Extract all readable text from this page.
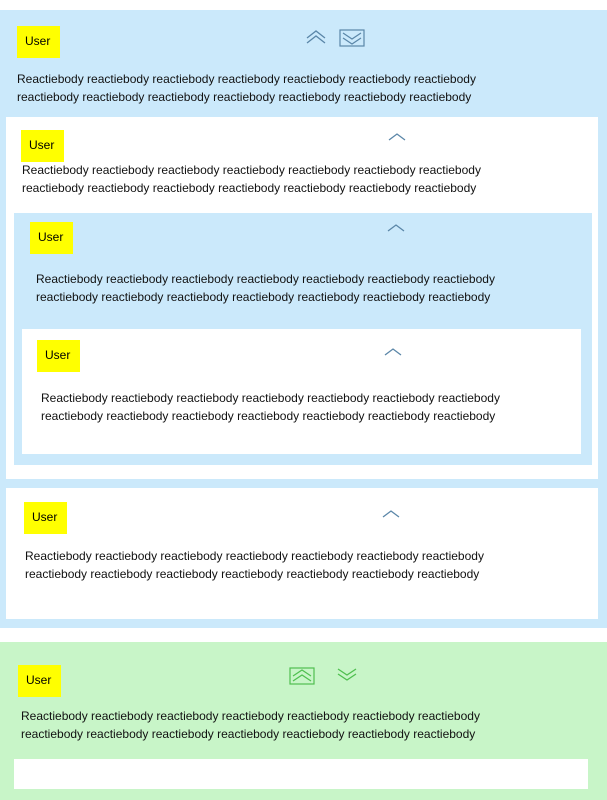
User

Reactiebody reactiebody reactiebody reactiebody reactiebody reactiebody reactiebody
reactiebody reactiebody reactiebody reactiebody reactiebody reactiebody reactiebody

User

Reactiebody reactiebody reactiebody reactiebody reactiebody reactiebody reactiebody
reactiebody reactiebody reactiebody reactiebody reactiebody reactiebody reactiebody

User

Reactiebody reactiebody reactiebody reactiebody reactiebody reactiebody reactiebody
reactiebody reactiebody reactiebody reactiebody reactiebody reactiebody reactiebody

User

Reactiebody reactiebody reactiebody reactiebody reactiebody reactiebody reactiebody
reactiebody reactiebody reactiebody reactiebody reactiebody reactiebody reactiebody

User

Reactiebody reactiebody reactiebody reactiebody reactiebody reactiebody reactiebody
reactiebody reactiebody reactiebody reactiebody reactiebody reactiebody reactiebody

User

Reactiebody reactiebody reactiebody reactiebody reactiebody reactiebody reactiebody
reactiebody reactiebody reactiebody reactiebody reactiebody reactiebody reactiebody
